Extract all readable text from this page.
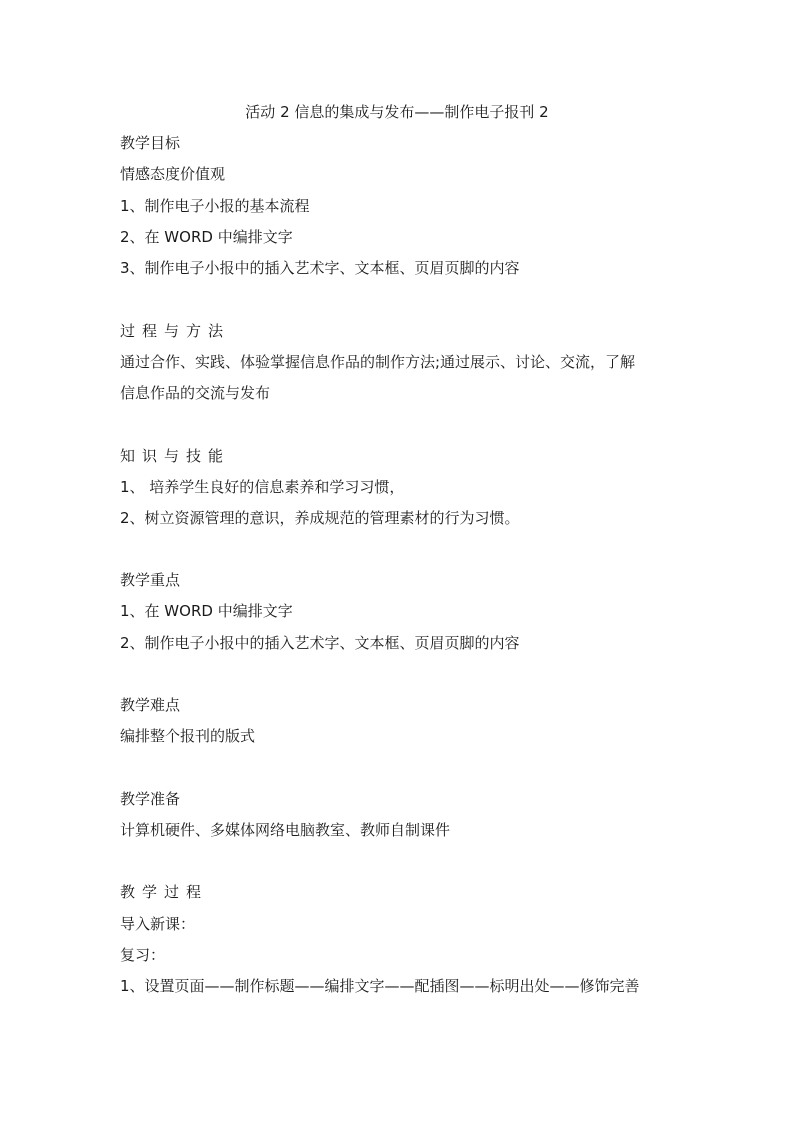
活动 2 信息的集成与发布——制作电子报刊 2
教学目标
情感态度价值观
1、制作电子小报的基本流程
2、在 WORD 中编排文字
3、制作电子小报中的插入艺术字、文本框、页眉页脚的内容
过程与方法
通过合作、实践、体验掌握信息作品的制作方法;通过展示、讨论、交流，了解
信息作品的交流与发布
知识与技能
1、 培养学生良好的信息素养和学习习惯，
2、树立资源管理的意识，养成规范的管理素材的行为习惯。
教学重点
1、在 WORD 中编排文字
2、制作电子小报中的插入艺术字、文本框、页眉页脚的内容
教学难点
编排整个报刊的版式
教学准备
计算机硬件、多媒体网络电脑教室、教师自制课件
教学过程
导入新课：
复习：
1、设置页面——制作标题——编排文字——配插图——标明出处——修饰完善
